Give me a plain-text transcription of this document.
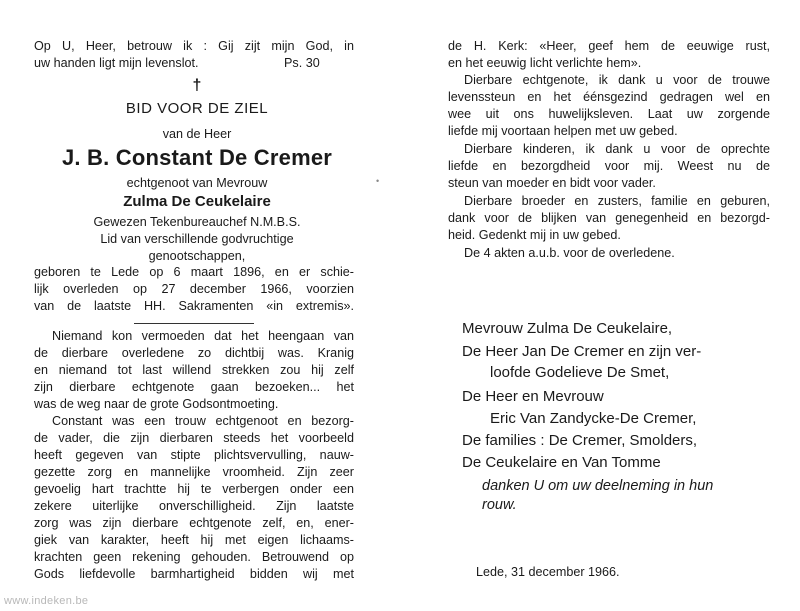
Op U, Heer, betrouw ik : Gij zijt mijn God, in
uw handen ligt mijn levenslot.	Ps. 30
†
BID VOOR DE ZIEL
van de Heer
J. B. Constant De Cremer
echtgenoot van Mevrouw
Zulma De Ceukelaire
Gewezen Tekenbureauchef N.M.B.S.
Lid van verschillende godvruchtige
genootschappen,
geboren te Lede op 6 maart 1896, en er schie-
lijk overleden op 27 december 1966, voorzien
van de laatste HH. Sakramenten «in extremis».
Niemand kon vermoeden dat het heengaan van
de dierbare overledene zo dichtbij was. Kranig
en niemand tot last willend strekken zou hij zelf
zijn dierbare echtgenote gaan bezoeken... het
was de weg naar de grote Godsontmoeting.
Constant was een trouw echtgenoot en bezorg-
de vader, die zijn dierbaren steeds het voorbeeld
heeft gegeven van stipte plichtsvervulling, nauw-
gezette zorg en mannelijke vroomheid. Zijn zeer
gevoelig hart trachtte hij te verbergen onder een
zekere uiterlijke onverschilligheid. Zijn laatste
zorg was zijn dierbare echtgenote zelf, en, ener-
giek van karakter, heeft hij met eigen lichaams-
krachten geen rekening gehouden. Betrouwend op
Gods liefdevolle barmhartigheid bidden wij met
•
de H. Kerk: «Heer, geef hem de eeuwige rust,
en het eeuwig licht verlichte hem».
Dierbare echtgenote, ik dank u voor de trouwe
levenssteun en het éénsgezind gedragen wel en
wee uit ons huwelijksleven. Laat uw zorgende
liefde mij voortaan helpen met uw gebed.
Dierbare kinderen, ik dank u voor de oprechte
liefde en bezorgdheid voor mij. Weest nu de
steun van moeder en bidt voor vader.
Dierbare broeder en zusters, familie en geburen,
dank voor de blijken van genegenheid en bezorgd-
heid. Gedenkt mij in uw gebed.
De 4 akten a.u.b. voor de overledene.
Mevrouw Zulma De Ceukelaire,
De Heer Jan De Cremer en zijn ver-
loofde Godelieve De Smet,
De Heer en Mevrouw
Eric Van Zandycke-De Cremer,
De families : De Cremer, Smolders,
De Ceukelaire en Van Tomme
danken U om uw deelneming in hun
rouw.
Lede, 31 december 1966.
www.indeken.be
